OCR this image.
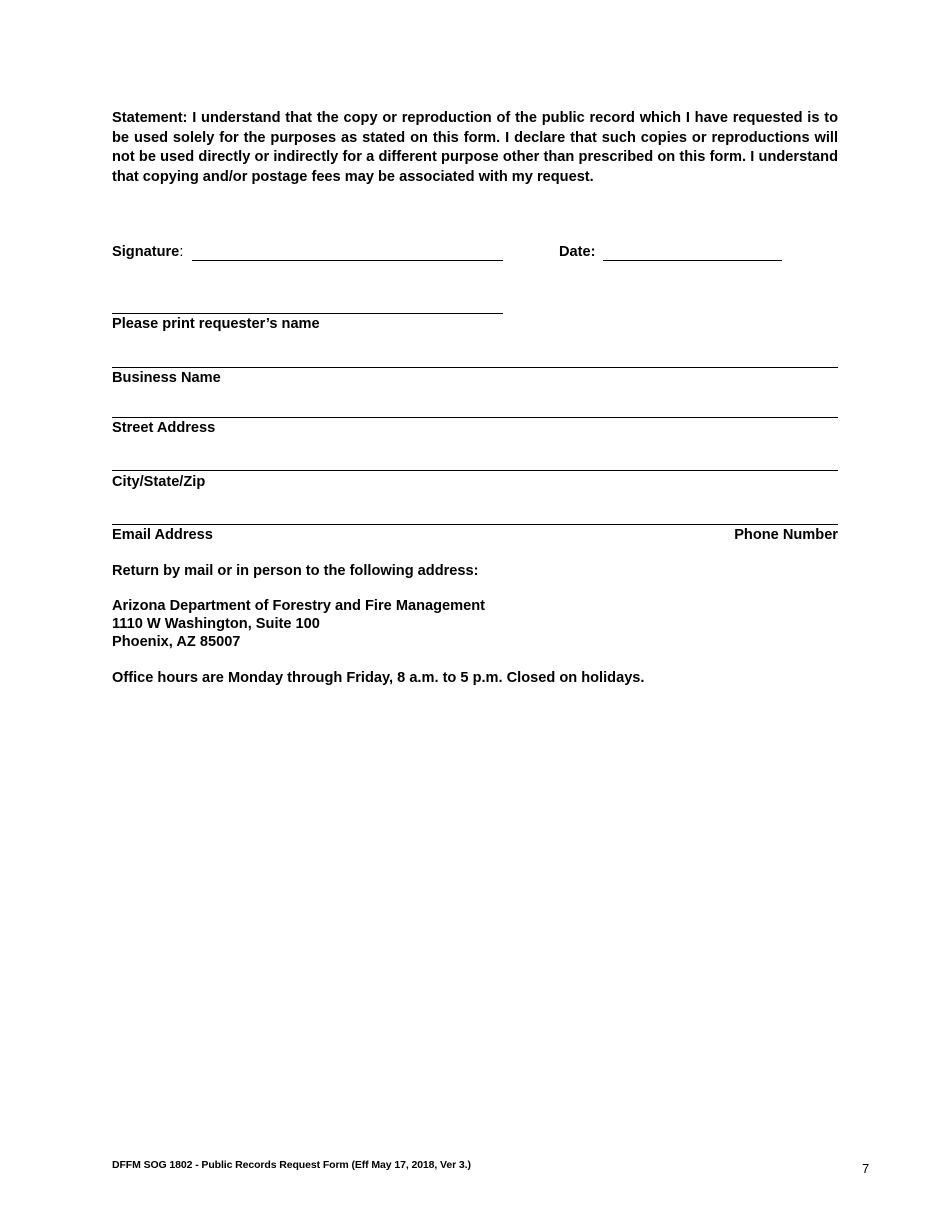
Statement: I understand that the copy or reproduction of the public record which I have requested is to be used solely for the purposes as stated on this form. I declare that such copies or reproductions will not be used directly or indirectly for a different purpose other than prescribed on this form. I understand that copying and/or postage fees may be associated with my request.

Signature:	Date:
Please print requester’s name
Business Name
Street Address
City/State/Zip
Email Address	Phone Number
Return by mail or in person to the following address:
Arizona Department of Forestry and Fire Management
1110 W Washington, Suite 100
Phoenix, AZ 85007
Office hours are Monday through Friday, 8 a.m. to 5 p.m. Closed on holidays.
DFFM SOG 1802 - Public Records Request Form (Eff May 17, 2018, Ver 3.)	7
